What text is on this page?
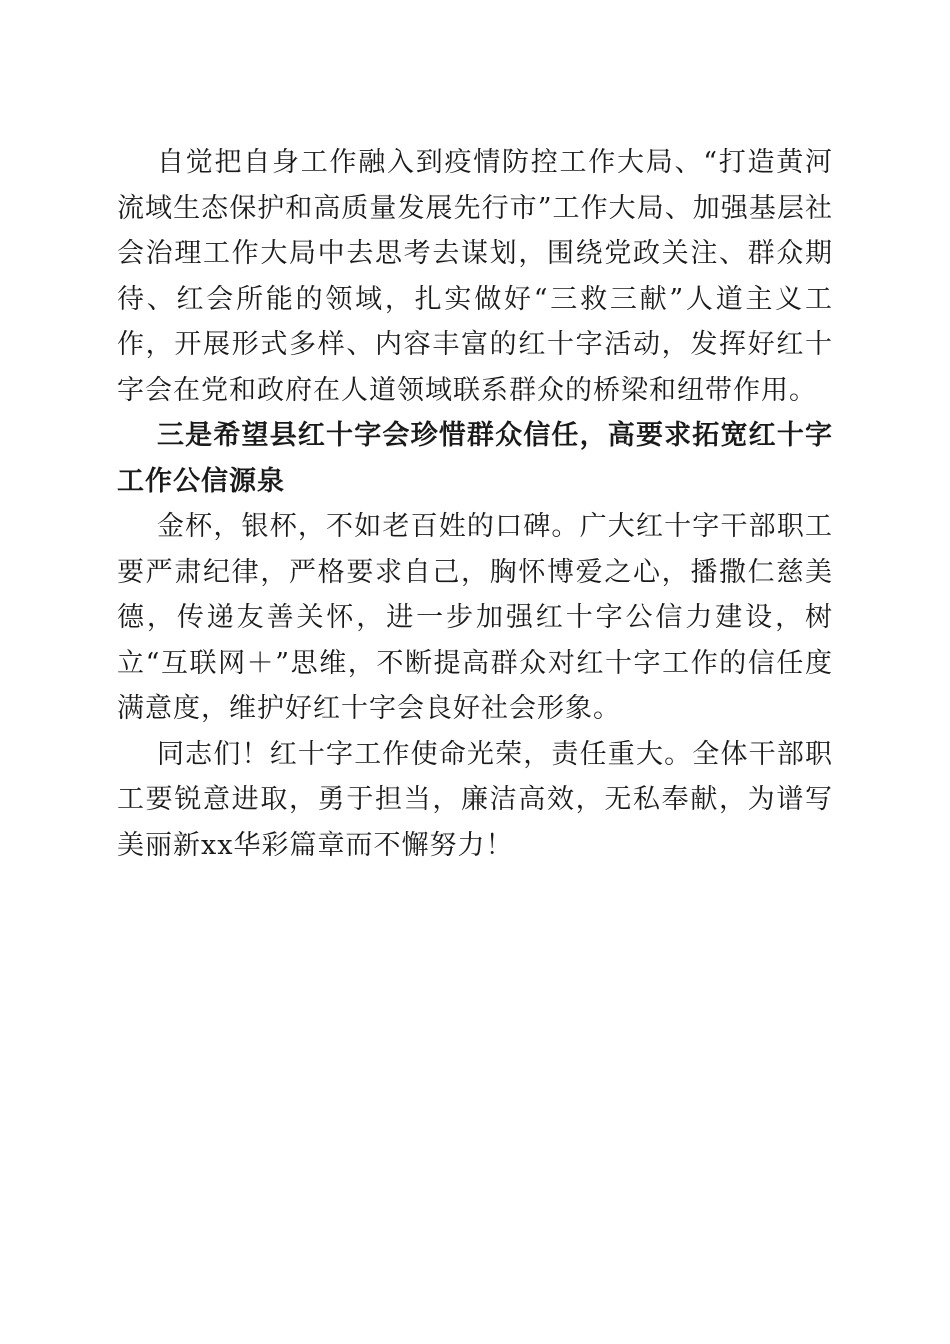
自觉把自身工作融入到疫情防控工作大局、“打造黄河流域生态保护和高质量发展先行市”工作大局、加强基层社会治理工作大局中去思考去谋划，围绕党政关注、群众期待、红会所能的领域，扎实做好“三救三献”人道主义工作，开展形式多样、内容丰富的红十字活动，发挥好红十字会在党和政府在人道领域联系群众的桥梁和纽带作用。

三是希望县红十字会珍惜群众信任，高要求拓宽红十字工作公信源泉

金杯，银杯，不如老百姓的口碑。广大红十字干部职工要严肃纪律，严格要求自己，胸怀博爱之心，播撒仁慈美德，传递友善关怀，进一步加强红十字公信力建设，树立“互联网＋”思维，不断提高群众对红十字工作的信任度满意度，维护好红十字会良好社会形象。

同志们！红十字工作使命光荣，责任重大。全体干部职工要锐意进取，勇于担当，廉洁高效，无私奉献，为谱写美丽新xx华彩篇章而不懈努力！
